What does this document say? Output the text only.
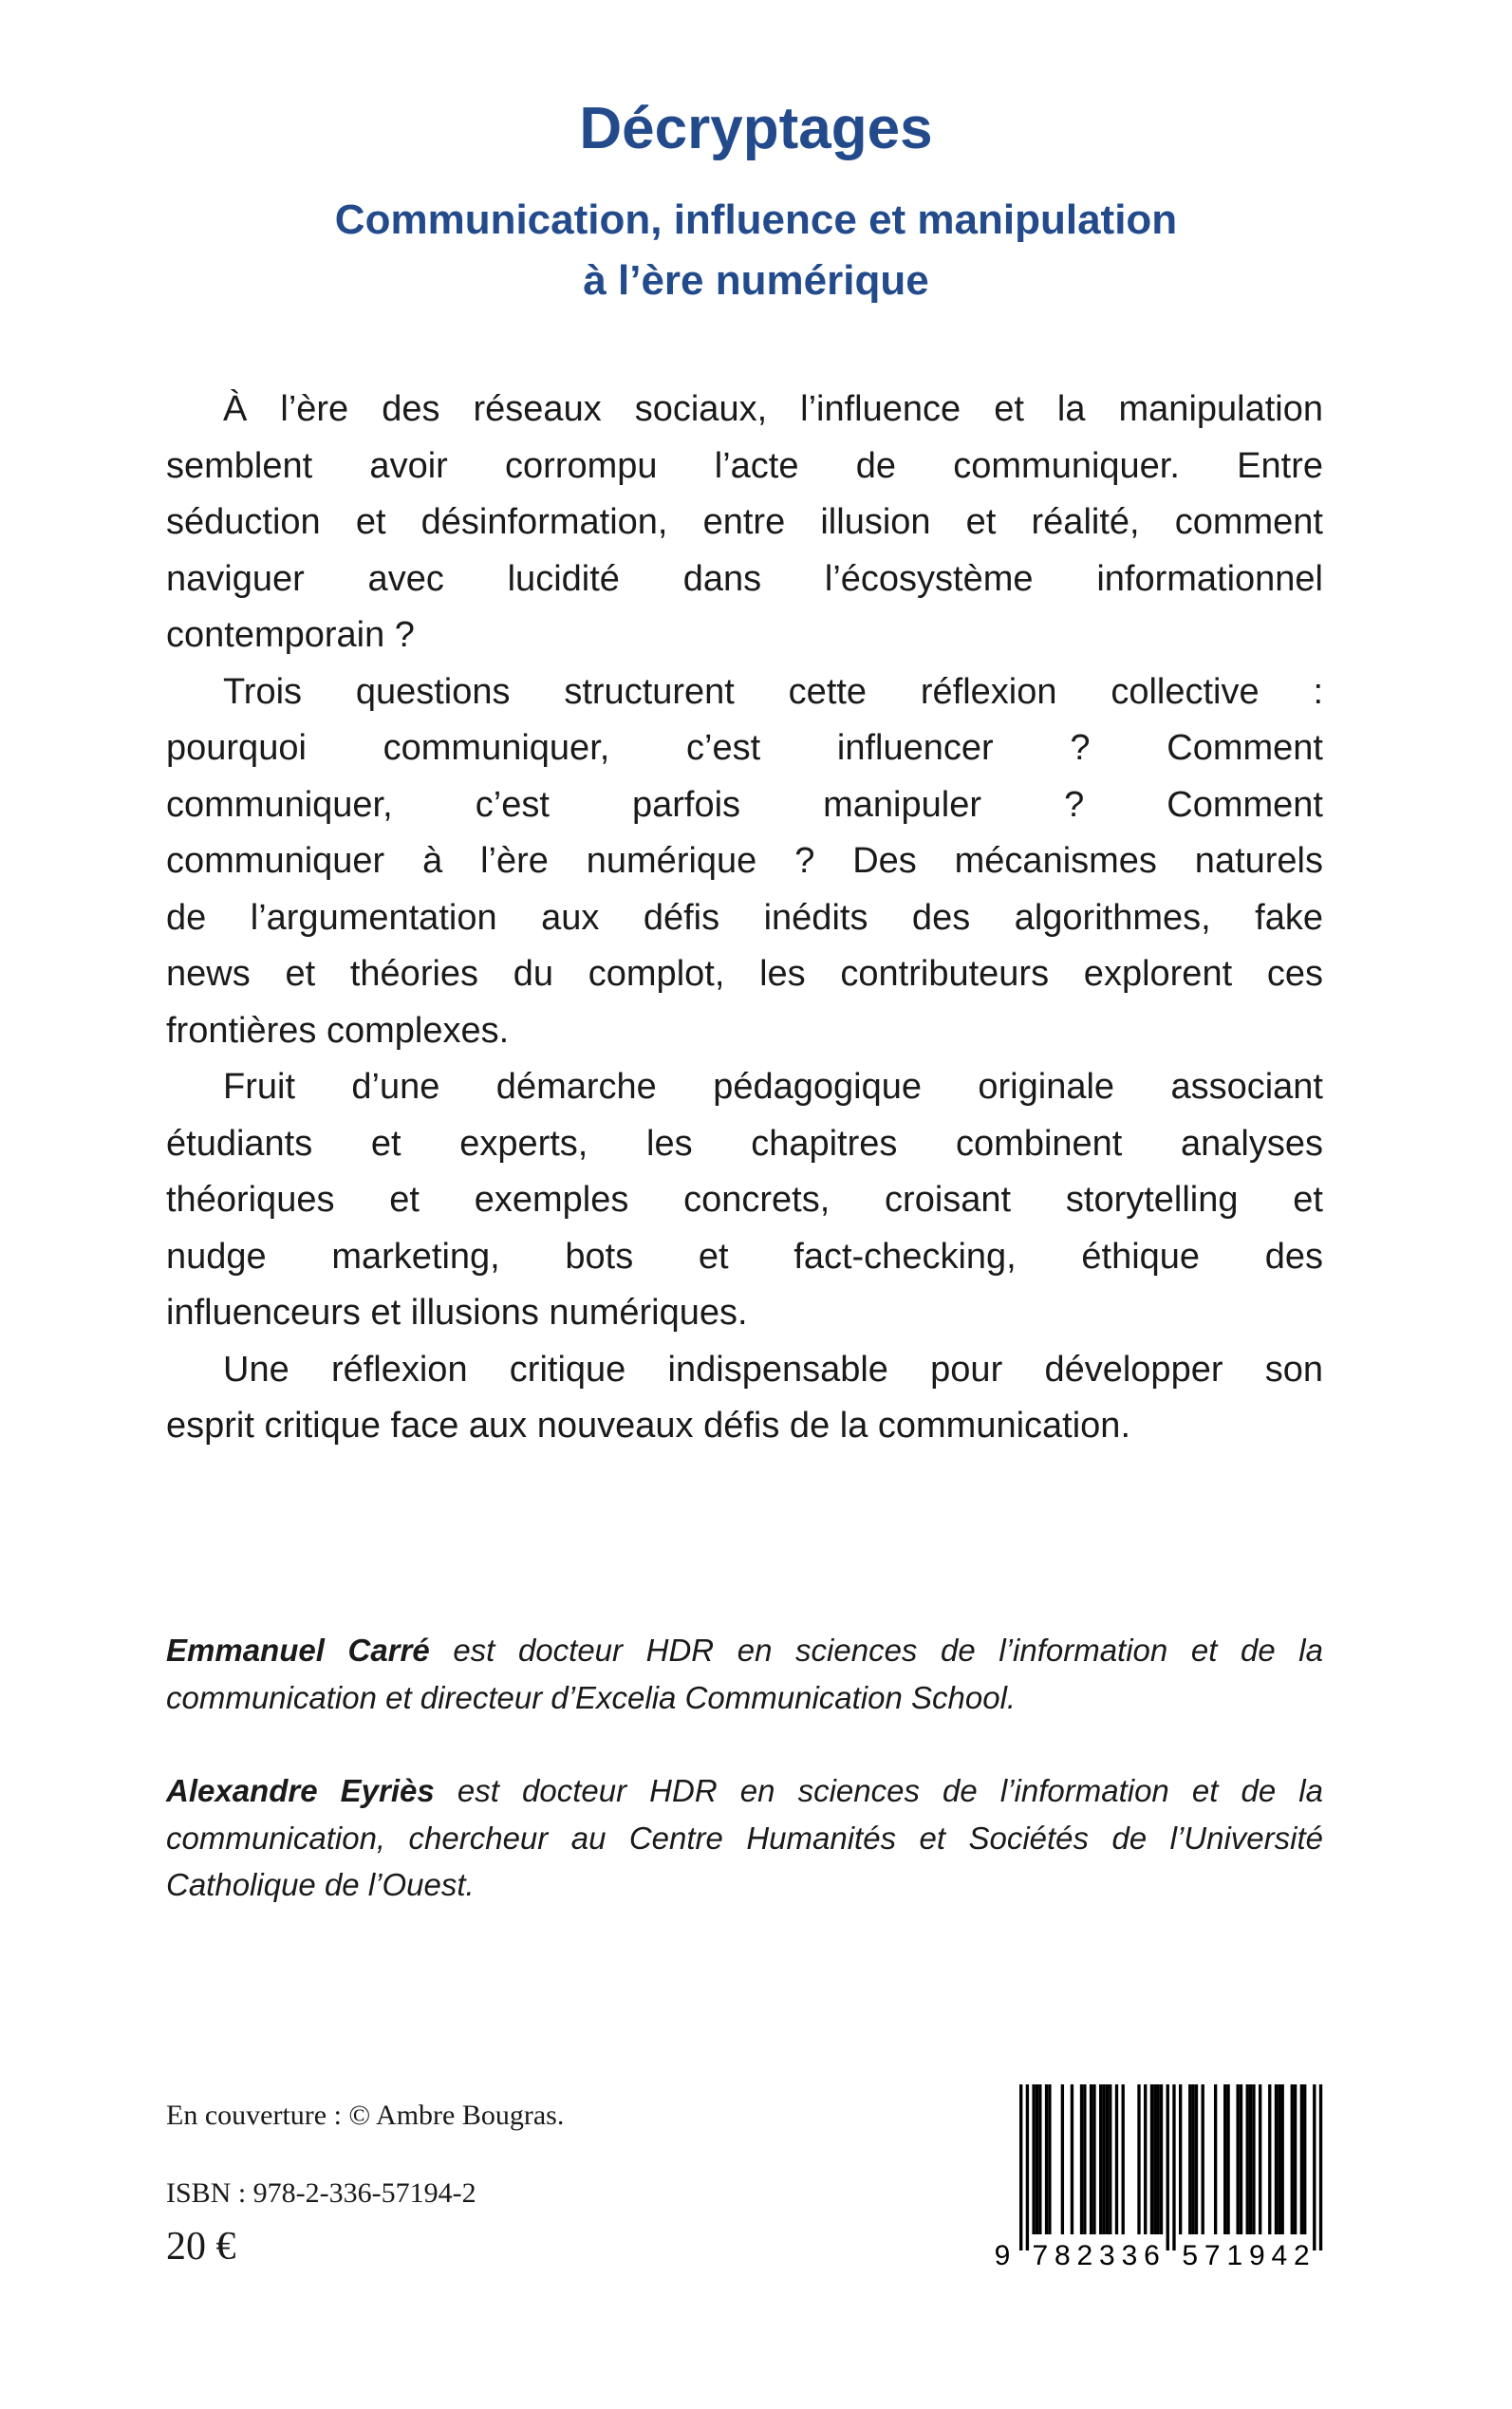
Décryptages
Communication, influence et manipulation
à l’ère numérique
À l’ère des réseaux sociaux, l’influence et la manipulation
semblent avoir corrompu l’acte de communiquer. Entre
séduction et désinformation, entre illusion et réalité, comment
naviguer avec lucidité dans l’écosystème informationnel
contemporain ?
Trois questions structurent cette réflexion collective :
pourquoi communiquer, c’est influencer ? Comment
communiquer, c’est parfois manipuler ? Comment
communiquer à l’ère numérique ? Des mécanismes naturels
de l’argumentation aux défis inédits des algorithmes, fake
news et théories du complot, les contributeurs explorent ces
frontières complexes.
Fruit d’une démarche pédagogique originale associant
étudiants et experts, les chapitres combinent analyses
théoriques et exemples concrets, croisant storytelling et
nudge marketing, bots et fact-checking, éthique des
influenceurs et illusions numériques.
Une réflexion critique indispensable pour développer son
esprit critique face aux nouveaux défis de la communication.
Emmanuel Carré est docteur HDR en sciences de l’information et de la
communication et directeur d’Excelia Communication School.
Alexandre Eyriès est docteur HDR en sciences de l’information et de la
communication, chercheur au Centre Humanités et Sociétés de l’Université
Catholique de l’Ouest.
En couverture : © Ambre Bougras.
ISBN : 978-2-336-57194-2
20 €	9 7 8 2 3 3 6 5 7 1 9 4 2
